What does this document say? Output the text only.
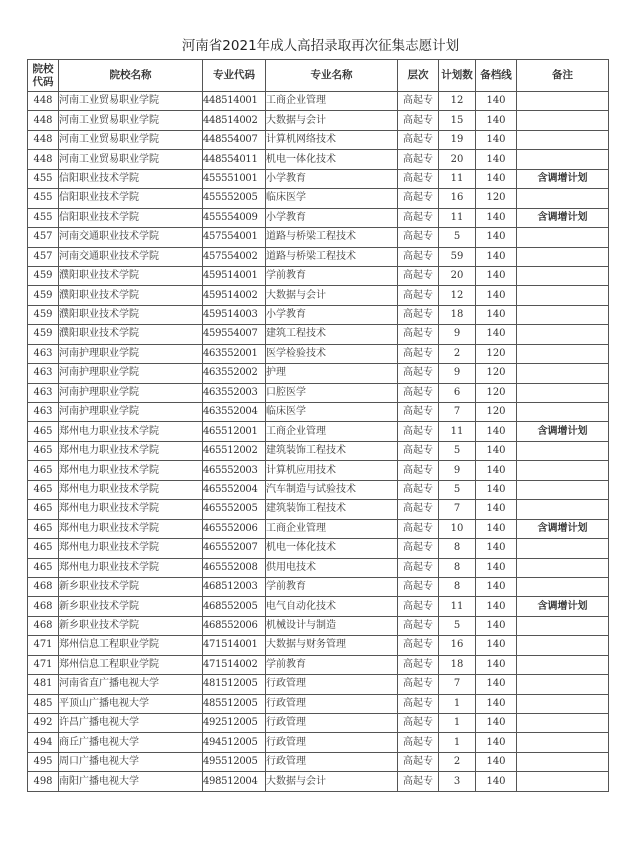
河南省2021年成人高招录取再次征集志愿计划
院校代码	院校名称	专业代码	专业名称	层次	计划数	备档线	备注
448	河南工业贸易职业学院	448514001	工商企业管理	高起专	12	140	
448	河南工业贸易职业学院	448514002	大数据与会计	高起专	15	140	
448	河南工业贸易职业学院	448554007	计算机网络技术	高起专	19	140	
448	河南工业贸易职业学院	448554011	机电一体化技术	高起专	20	140	
455	信阳职业技术学院	455551001	小学教育	高起专	11	140	含调增计划
455	信阳职业技术学院	455552005	临床医学	高起专	16	120	
455	信阳职业技术学院	455554009	小学教育	高起专	11	140	含调增计划
457	河南交通职业技术学院	457554001	道路与桥梁工程技术	高起专	5	140	
457	河南交通职业技术学院	457554002	道路与桥梁工程技术	高起专	59	140	
459	濮阳职业技术学院	459514001	学前教育	高起专	20	140	
459	濮阳职业技术学院	459514002	大数据与会计	高起专	12	140	
459	濮阳职业技术学院	459514003	小学教育	高起专	18	140	
459	濮阳职业技术学院	459554007	建筑工程技术	高起专	9	140	
463	河南护理职业学院	463552001	医学检验技术	高起专	2	120	
463	河南护理职业学院	463552002	护理	高起专	9	120	
463	河南护理职业学院	463552003	口腔医学	高起专	6	120	
463	河南护理职业学院	463552004	临床医学	高起专	7	120	
465	郑州电力职业技术学院	465512001	工商企业管理	高起专	11	140	含调增计划
465	郑州电力职业技术学院	465512002	建筑装饰工程技术	高起专	5	140	
465	郑州电力职业技术学院	465552003	计算机应用技术	高起专	9	140	
465	郑州电力职业技术学院	465552004	汽车制造与试验技术	高起专	5	140	
465	郑州电力职业技术学院	465552005	建筑装饰工程技术	高起专	7	140	
465	郑州电力职业技术学院	465552006	工商企业管理	高起专	10	140	含调增计划
465	郑州电力职业技术学院	465552007	机电一体化技术	高起专	8	140	
465	郑州电力职业技术学院	465552008	供用电技术	高起专	8	140	
468	新乡职业技术学院	468512003	学前教育	高起专	8	140	
468	新乡职业技术学院	468552005	电气自动化技术	高起专	11	140	含调增计划
468	新乡职业技术学院	468552006	机械设计与制造	高起专	5	140	
471	郑州信息工程职业学院	471514001	大数据与财务管理	高起专	16	140	
471	郑州信息工程职业学院	471514002	学前教育	高起专	18	140	
481	河南省直广播电视大学	481512005	行政管理	高起专	7	140	
485	平顶山广播电视大学	485512005	行政管理	高起专	1	140	
492	许昌广播电视大学	492512005	行政管理	高起专	1	140	
494	商丘广播电视大学	494512005	行政管理	高起专	1	140	
495	周口广播电视大学	495512005	行政管理	高起专	2	140	
498	南阳广播电视大学	498512004	大数据与会计	高起专	3	140	
